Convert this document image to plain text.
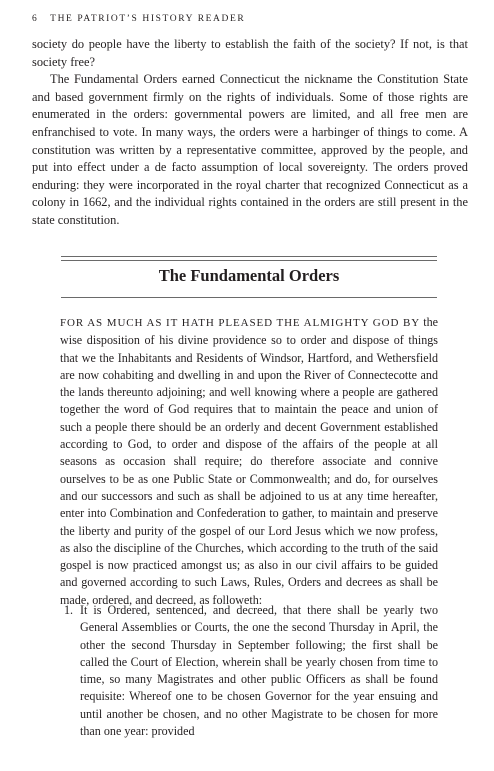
6 THE PATRIOT’S HISTORY READER

society do people have the liberty to establish the faith of the society? If not, is that society free?

The Fundamental Orders earned Connecticut the nickname the Constitution State and based government firmly on the rights of individuals. Some of those rights are enumerated in the orders: governmental powers are limited, and all free men are enfranchised to vote. In many ways, the orders were a harbinger of things to come. A constitution was written by a representative committee, approved by the people, and put into effect under a de facto assumption of local sovereignty. The orders proved enduring: they were incorporated in the royal charter that recognized Connecticut as a colony in 1662, and the individual rights contained in the orders are still present in the state constitution.

The Fundamental Orders

FOR AS MUCH AS IT HATH PLEASED THE ALMIGHTY GOD BY the wise disposition of his divine providence so to order and dispose of things that we the Inhabitants and Residents of Windsor, Hartford, and Wethersfield are now cohabiting and dwelling in and upon the River of Connectecotte and the lands thereunto adjoining; and well knowing where a people are gathered together the word of God requires that to maintain the peace and union of such a people there should be an orderly and decent Government established according to God, to order and dispose of the affairs of the people at all seasons as occasion shall require; do therefore associate and connive ourselves to be as one Public State or Commonwealth; and do, for ourselves and our successors and such as shall be adjoined to us at any time hereafter, enter into Combination and Confederation to gather, to maintain and preserve the liberty and purity of the gospel of our Lord Jesus which we now profess, as also the discipline of the Churches, which according to the truth of the said gospel is now practiced amongst us; as also in our civil affairs to be guided and governed according to such Laws, Rules, Orders and decrees as shall be made, ordered, and decreed, as followeth:

1. It is Ordered, sentenced, and decreed, that there shall be yearly two General Assemblies or Courts, the one the second Thursday in April, the other the second Thursday in September following; the first shall be called the Court of Election, wherein shall be yearly chosen from time to time, so many Magistrates and other public Officers as shall be found requisite: Whereof one to be chosen Governor for the year ensuing and until another be chosen, and no other Magistrate to be chosen for more than one year: provided
